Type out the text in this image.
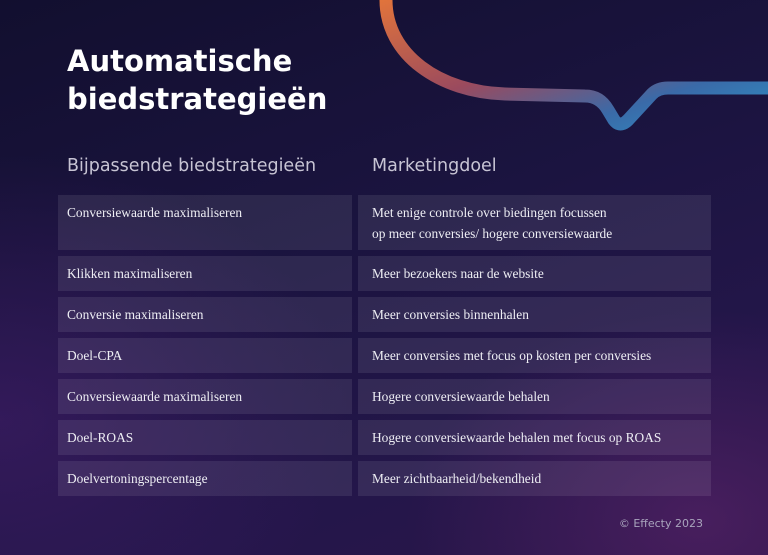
Automatische biedstrategieën
Bijpassende biedstrategieën	Marketingdoel
Conversiewaarde maximaliseren	Met enige controle over biedingen focussen
op meer conversies/ hogere conversiewaarde
Klikken maximaliseren	Meer bezoekers naar de website
Conversie maximaliseren	Meer conversies binnenhalen
Doel-CPA	Meer conversies met focus op kosten per conversies
Conversiewaarde maximaliseren	Hogere conversiewaarde behalen
Doel-ROAS	Hogere conversiewaarde behalen met focus op ROAS
Doelvertoningspercentage	Meer zichtbaarheid/bekendheid
© Effecty 2023
